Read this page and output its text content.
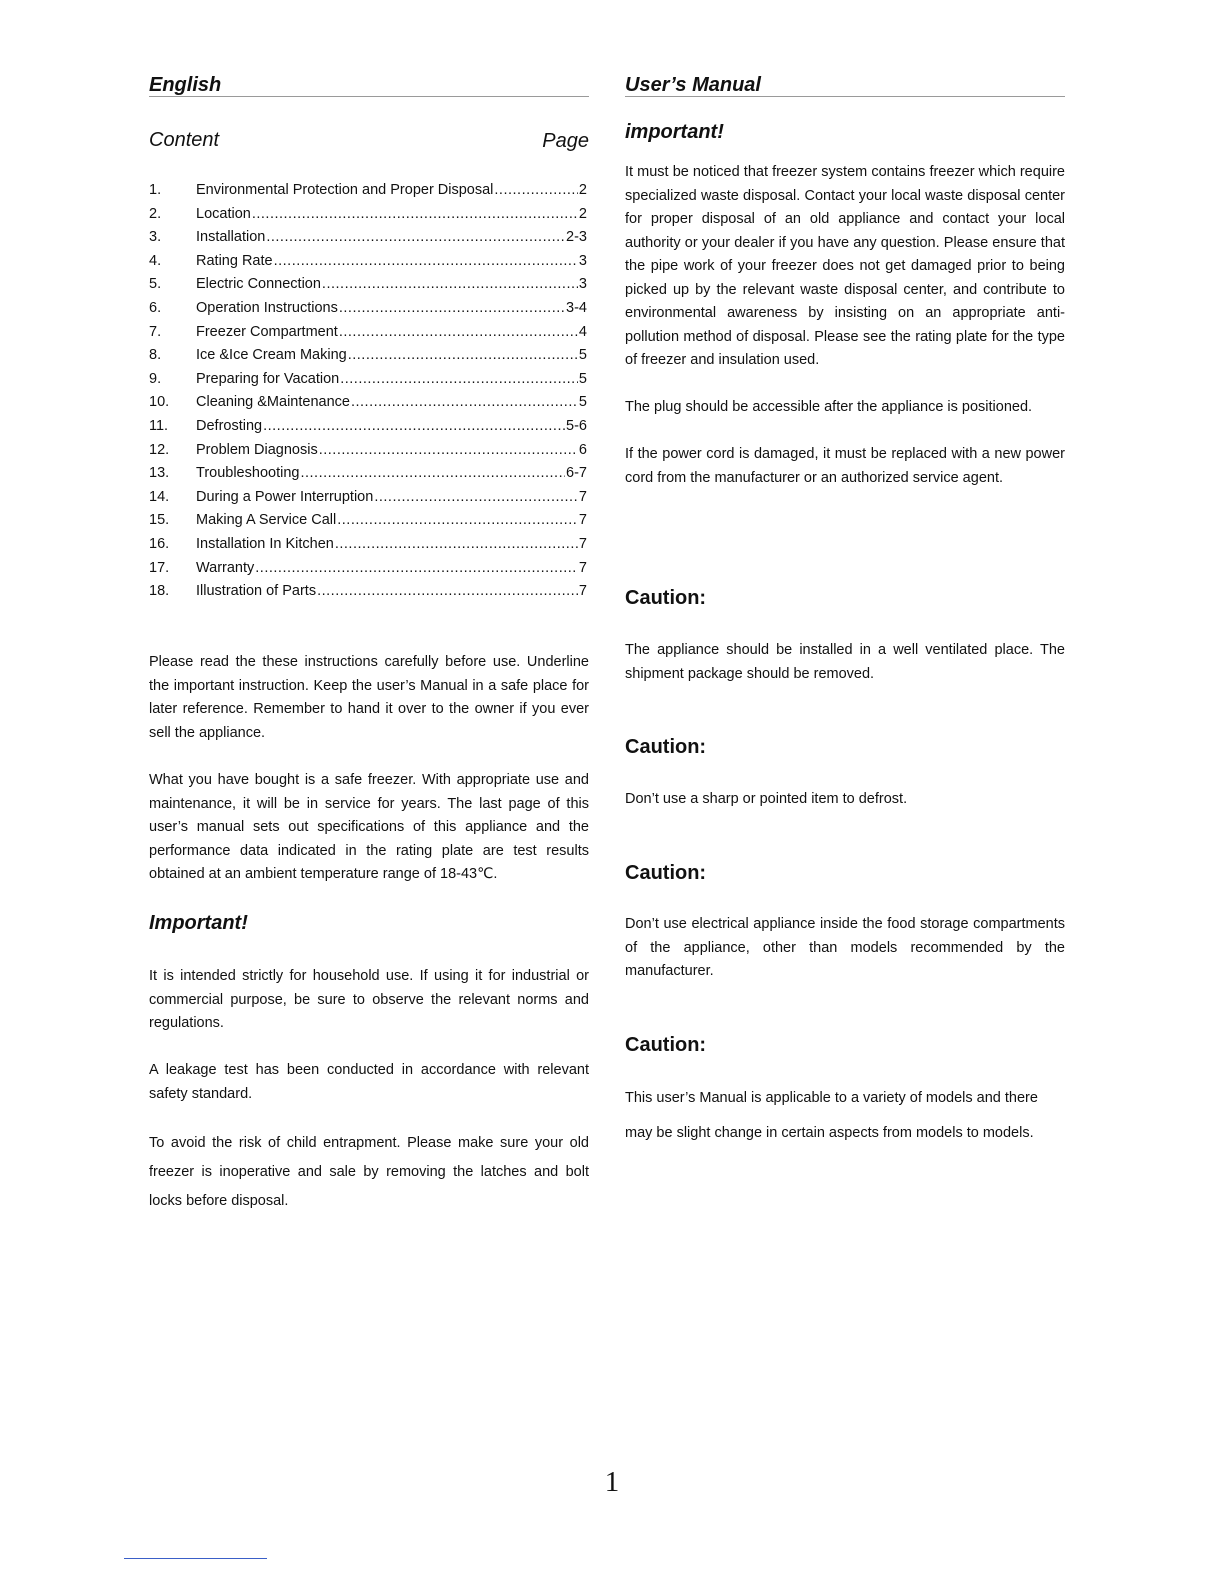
English	User’s Manual
Content	Page
1.	Environmental Protection and Proper Disposal .....	2
2.	Location .....	2
3.	Installation .....	2-3
4.	Rating Rate .....	3
5.	Electric Connection .....	3
6.	Operation Instructions .....	3-4
7.	Freezer Compartment .....	4
8.	Ice &Ice Cream Making .....	5
9.	Preparing for Vacation .....	5
10.	Cleaning &Maintenance .....	5
11.	Defrosting .....	5-6
12.	Problem Diagnosis .....	6
13.	Troubleshooting .....	6-7
14.	During a Power Interruption .....	7
15.	Making A Service Call .....	7
16.	Installation In Kitchen .....	7
17.	Warranty .....	7
18.	Illustration of Parts .....	7

Please read the these instructions carefully before use. Underline the important instruction. Keep the user’s Manual in a safe place for later reference. Remember to hand it over to the owner if you ever sell the appliance.

What you have bought is a safe freezer. With appropriate use and maintenance, it will be in service for years. The last page of this user’s manual sets out specifications of this appliance and the performance data indicated in the rating plate are test results obtained at an ambient temperature range of 18-43℃.

Important!

It is intended strictly for household use. If using it for industrial or commercial purpose, be sure to observe the relevant norms and regulations.

A leakage test has been conducted in accordance with relevant safety standard.

To avoid the risk of child entrapment. Please make sure your old freezer is inoperative and sale by removing the latches and bolt locks before disposal.

important!

It must be noticed that freezer system contains freezer which require specialized waste disposal. Contact your local waste disposal center for proper disposal of an old appliance and contact your local authority or your dealer if you have any question. Please ensure that the pipe work of your freezer does not get damaged prior to being picked up by the relevant waste disposal center, and contribute to environmental awareness by insisting on an appropriate anti-pollution method of disposal. Please see the rating plate for the type of freezer and insulation used.

The plug should be accessible after the appliance is positioned.

If the power cord is damaged, it must be replaced with a new power cord from the manufacturer or an authorized service agent.

Caution:

The appliance should be installed in a well ventilated place. The shipment package should be removed.

Caution:

Don’t use a sharp or pointed item to defrost.

Caution:

Don’t use electrical appliance inside the food storage compartments of the appliance, other than models recommended by the manufacturer.

Caution:

This user’s Manual is applicable to a variety of models and there

may be slight change in certain aspects from models to models.

1
